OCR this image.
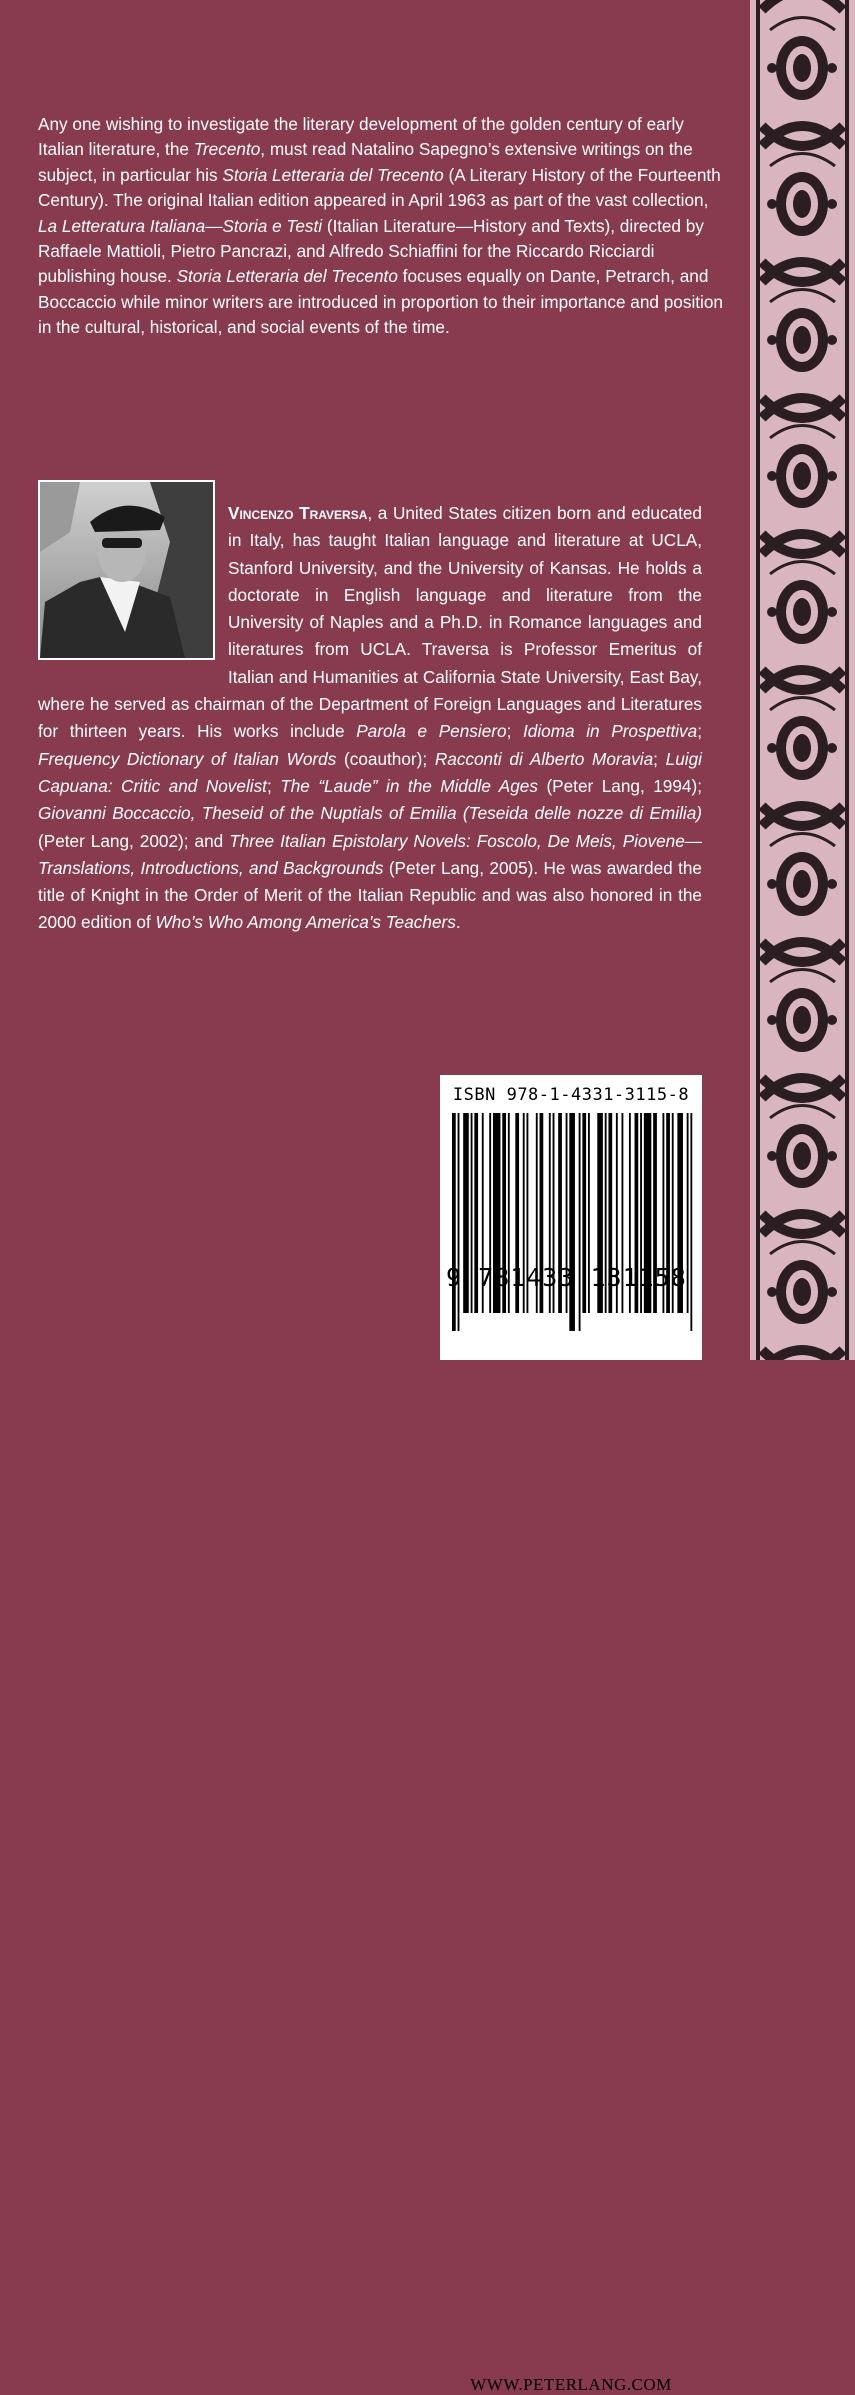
Any one wishing to investigate the literary development of the golden century of early Italian literature, the Trecento, must read Natalino Sapegno’s extensive writings on the subject, in particular his Storia Letteraria del Trecento (A Literary History of the Fourteenth Century). The original Italian edition appeared in April 1963 as part of the vast collection, La Letteratura Italiana—Storia e Testi (Italian Literature—History and Texts), directed by Raffaele Mattioli, Pietro Pancrazi, and Alfredo Schiaffini for the Riccardo Ricciardi publishing house. Storia Letteraria del Trecento focuses equally on Dante, Petrarch, and Boccaccio while minor writers are introduced in proportion to their importance and position in the cultural, historical, and social events of the time.
Vincenzo Traversa, a United States citizen born and educated in Italy, has taught Italian language and literature at UCLA, Stanford University, and the University of Kansas. He holds a doctorate in English language and literature from the University of Naples and a Ph.D. in Romance languages and literatures from UCLA. Traversa is Professor Emeritus of Italian and Humanities at California State University, East Bay, where he served as chairman of the Department of Foreign Languages and Literatures for thirteen years. His works include Parola e Pensiero; Idioma in Prospettiva; Frequency Dictionary of Italian Words (coauthor); Racconti di Alberto Moravia; Luigi Capuana: Critic and Novelist; The “Laude” in the Middle Ages (Peter Lang, 1994); Giovanni Boccaccio, Theseid of the Nuptials of Emilia (Teseida delle nozze di Emilia) (Peter Lang, 2002); and Three Italian Epistolary Novels: Foscolo, De Meis, Piovene—Translations, Introductions, and Backgrounds (Peter Lang, 2005). He was awarded the title of Knight in the Order of Merit of the Italian Republic and was also honored in the 2000 edition of Who’s Who Among America’s Teachers.
ISBN 978-1-4331-3115-8
WWW.PETERLANG.COM
9 781433 131158
